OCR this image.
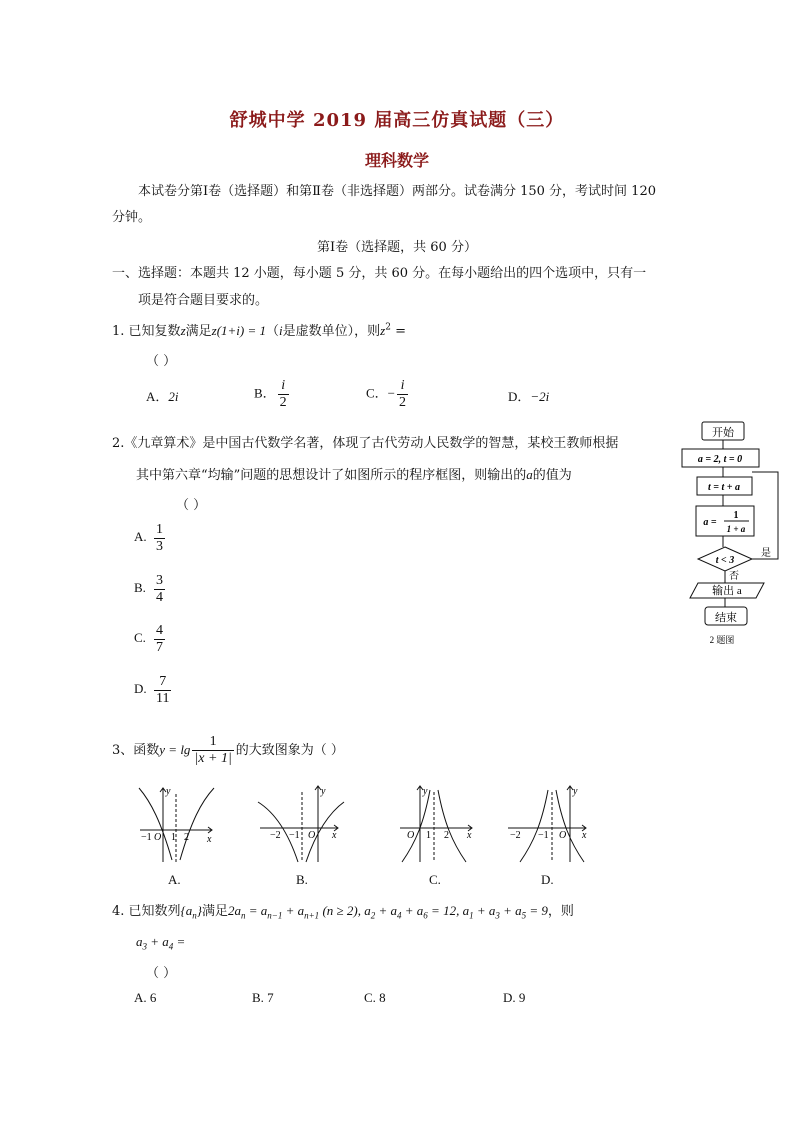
舒城中学 2019 届高三仿真试题（三）
理科数学
本试卷分第Ⅰ卷（选择题）和第Ⅱ卷（非选择题）两部分。试卷满分 150 分，考试时间 120
分钟。
第Ⅰ卷（选择题，共 60 分）
一、选择题：本题共 12 小题，每小题 5 分，共 60 分。在每小题给出的四个选项中，只有一
项是符合题目要求的。
1. 已知复数z满足z(1+i) = 1（i是虚数单位），则$z^2$ =
（ ）
A．2i	B． $\frac{i}{2}$	C．− $\frac{i}{2}$	D．−2i
2.《九章算术》是中国古代数学名著，体现了古代劳动人民数学的智慧，某校王教师根据
其中第六章“均输”问题的思想设计了如图所示的程序框图，则输出的a的值为
（ ）
A. $\frac{1}{3}$
B. $\frac{3}{4}$
C. $\frac{4}{7}$
D. $\frac{7}{11}$
开始
a = 2, t = 0
t = t + a
a =
1
1 + a
t < 3
是
否
输出 a
结束
2 题图
3、函数$y = \lg \frac{1}{|x + 1|}$ 的大致图象为（ ）
y
x
−1 O 1 2
y
x
−2 −1 O
y
x
O 1 2
y
x
−2 −1 O
A.	B.	C.	D.
4. 已知数列$\{a_n\}$满足$2a_n = a_{n-1} + a_{n+1}$ (n ≥ 2), $a_2 + a_4 + a_6 = 12$, $a_1 + a_3 + a_5 = 9$，则
$a_3 + a_4$ =
（ ）
A. 6	B. 7	C. 8	D. 9
